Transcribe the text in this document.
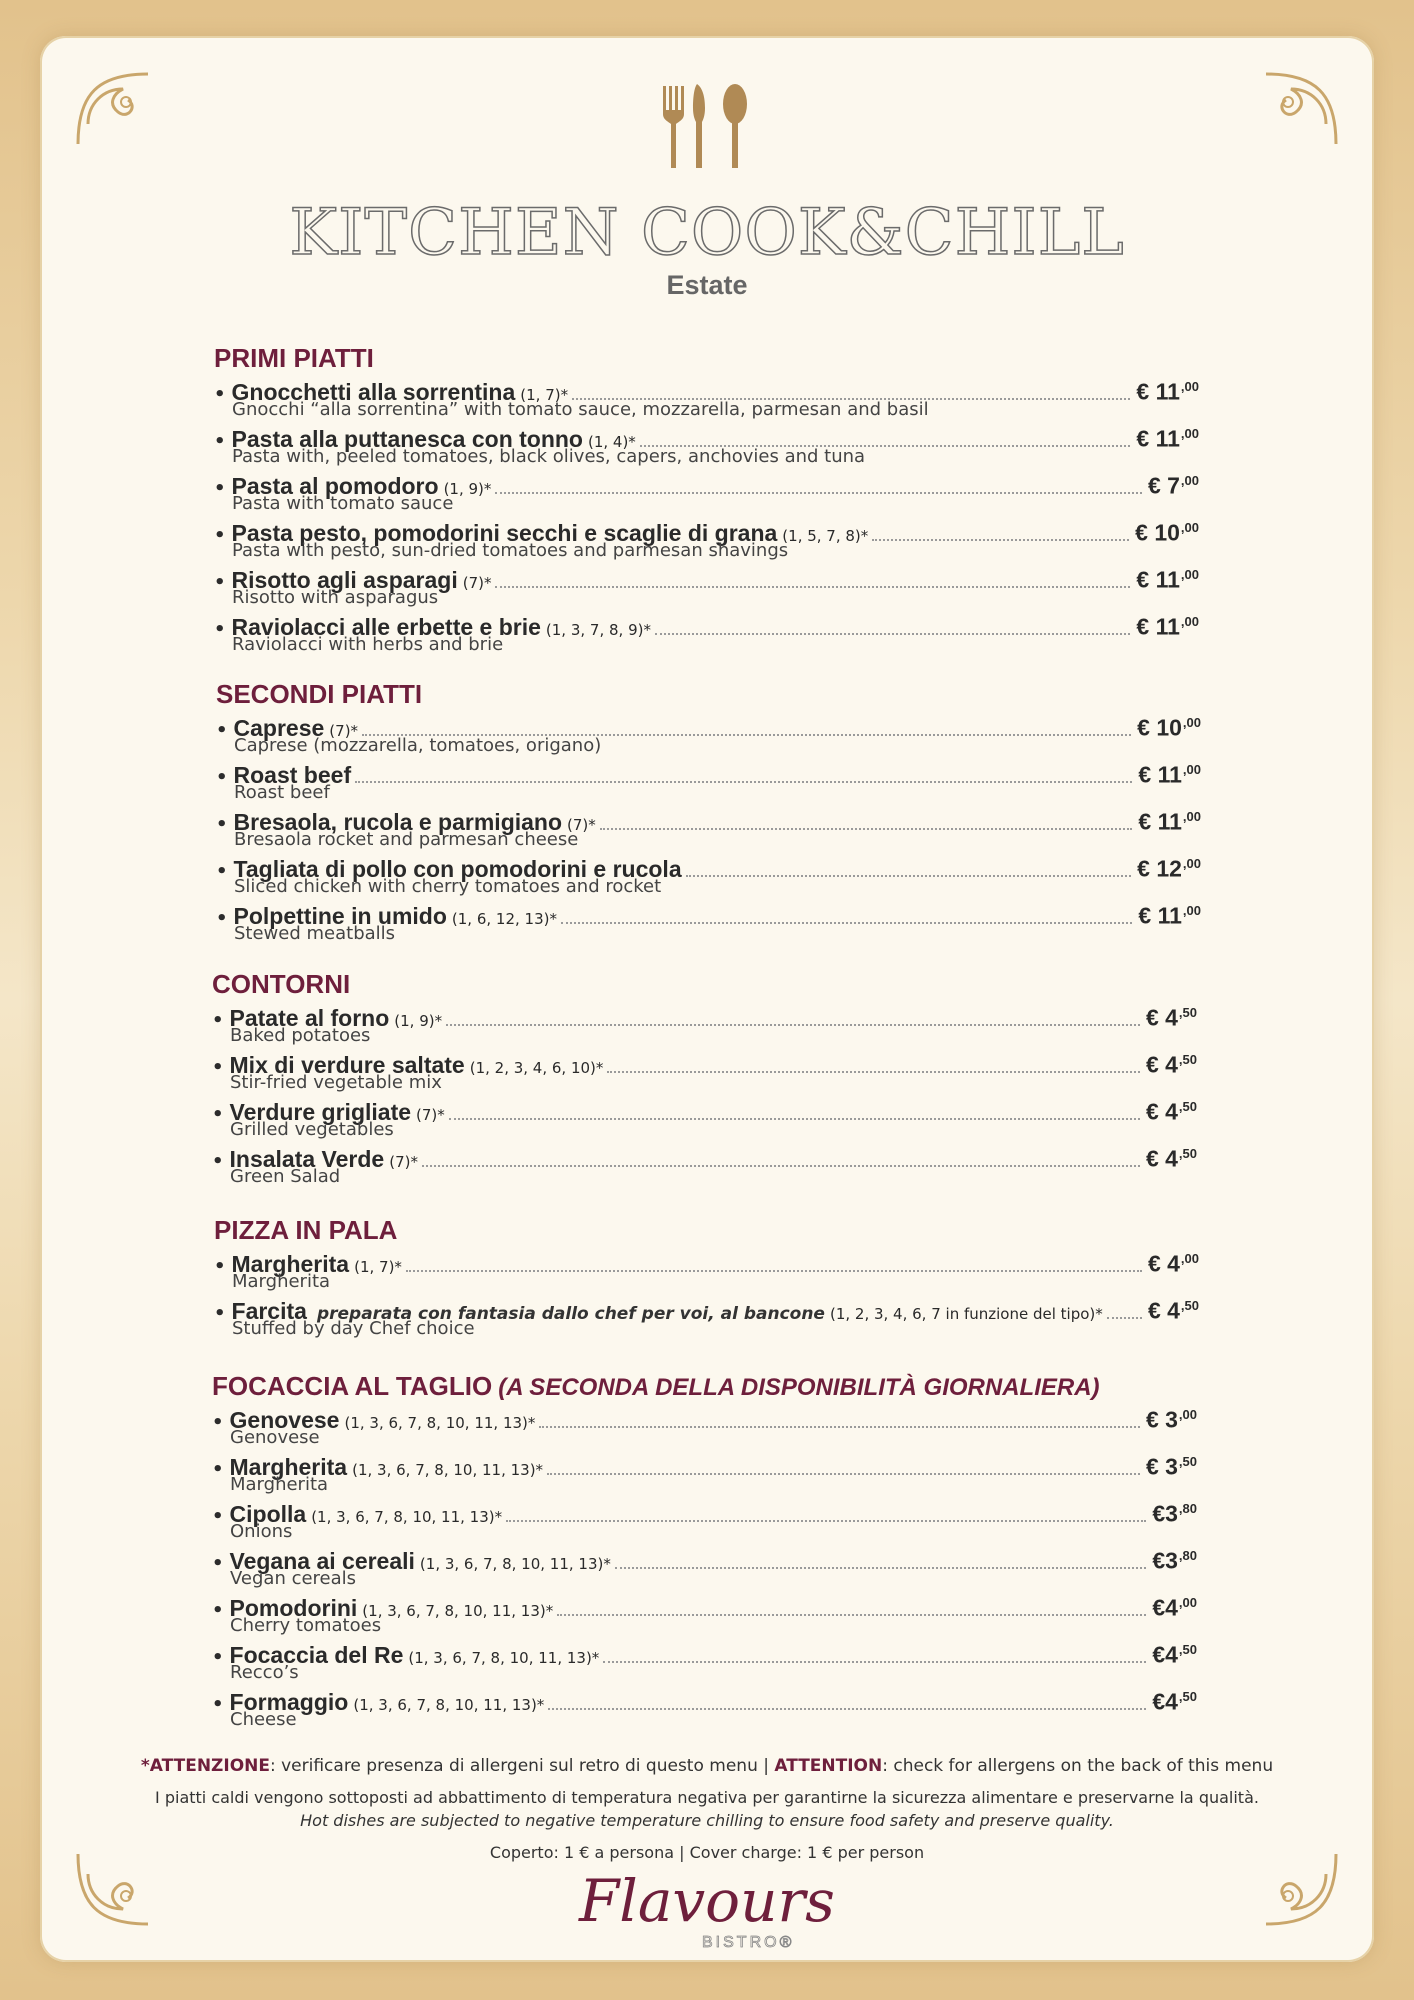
KITCHEN COOK&CHILL
Estate
PRIMI PIATTI
• Gnocchetti alla sorrentina (1, 7)*	€ $11^{,00}$
Gnocchi “alla sorrentina” with tomato sauce, mozzarella, parmesan and basil
• Pasta alla puttanesca con tonno (1, 4)*	€ $11^{,00}$
Pasta with, peeled tomatoes, black olives, capers, anchovies and tuna
• Pasta al pomodoro (1, 9)*	€ $7^{,00}$
Pasta with tomato sauce
• Pasta pesto, pomodorini secchi e scaglie di grana (1, 5, 7, 8)*	€ $10^{,00}$
Pasta with pesto, sun-dried tomatoes and parmesan shavings
• Risotto agli asparagi (7)*	€ $11^{,00}$
Risotto with asparagus
• Raviolacci alle erbette e brie (1, 3, 7, 8, 9)*	€ $11^{,00}$
Raviolacci with herbs and brie
SECONDI PIATTI
• Caprese (7)*	€ $10^{,00}$
Caprese (mozzarella, tomatoes, origano)
• Roast beef	€ $11^{,00}$
Roast beef
• Bresaola, rucola e parmigiano (7)*	€ $11^{,00}$
Bresaola rocket and parmesan cheese
• Tagliata di pollo con pomodorini e rucola	€ $12^{,00}$
Sliced chicken with cherry tomatoes and rocket
• Polpettine in umido (1, 6, 12, 13)*	€ $11^{,00}$
Stewed meatballs
CONTORNI
• Patate al forno (1, 9)*	€ $4^{,50}$
Baked potatoes
• Mix di verdure saltate (1, 2, 3, 4, 6, 10)*	€ $4^{,50}$
Stir-fried vegetable mix
• Verdure grigliate (7)*	€ $4^{,50}$
Grilled vegetables
• Insalata Verde (7)*	€ $4^{,50}$
Green Salad
PIZZA IN PALA
• Margherita (1, 7)*	€ $4^{,00}$
Margherita
• Farcita preparata con fantasia dallo chef per voi, al bancone (1, 2, 3, 4, 6, 7 in funzione del tipo)* € $4^{,50}$
Stuffed by day Chef choice
FOCACCIA AL TAGLIO (A SECONDA DELLA DISPONIBILITÀ GIORNALIERA)
• Genovese (1, 3, 6, 7, 8, 10, 11, 13)*	€ $3^{,00}$
Genovese
• Margherita (1, 3, 6, 7, 8, 10, 11, 13)*	€ $3^{,50}$
Margherita
• Cipolla (1, 3, 6, 7, 8, 10, 11, 13)*	$€3^{,80}$
Onions
• Vegana ai cereali (1, 3, 6, 7, 8, 10, 11, 13)*	$€3^{,80}$
Vegan cereals
• Pomodorini (1, 3, 6, 7, 8, 10, 11, 13)*	$€4^{,00}$
Cherry tomatoes
• Focaccia del Re (1, 3, 6, 7, 8, 10, 11, 13)*	$€4^{,50}$
Recco’s
• Formaggio (1, 3, 6, 7, 8, 10, 11, 13)*	$€4^{,50}$
Cheese
*ATTENZIONE: verificare presenza di allergeni sul retro di questo menu | ATTENTION: check for allergens on the back of this menu
I piatti caldi vengono sottoposti ad abbattimento di temperatura negativa per garantirne la sicurezza alimentare e preservarne la qualità.
Hot dishes are subjected to negative temperature chilling to ensure food safety and preserve quality.
Coperto: 1 € a persona | Cover charge: 1 € per person
Flavours
BISTRO®
